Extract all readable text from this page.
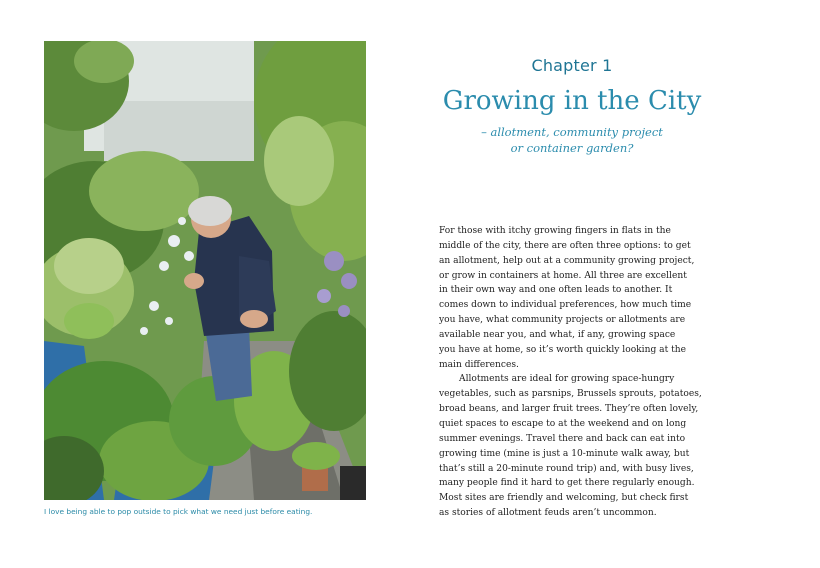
I love being able to pop outside to pick what we need just before eating.
Chapter 1
Growing in the City
– allotment, community project
or container garden?
For those with itchy growing fingers in flats in the
middle of the city, there are often three options: to get
an allotment, help out at a community growing project,
or grow in containers at home. All three are excellent
in their own way and one often leads to another. It
comes down to individual preferences, how much time
you have, what community projects or allotments are
available near you, and what, if any, growing space
you have at home, so it’s worth quickly looking at the
main differences.
Allotments are ideal for growing space-hungry
vegetables, such as parsnips, Brussels sprouts, potatoes,
broad beans, and larger fruit trees. They’re often lovely,
quiet spaces to escape to at the weekend and on long
summer evenings. Travel there and back can eat into
growing time (mine is just a 10-minute walk away, but
that’s still a 20-minute round trip) and, with busy lives,
many people find it hard to get there regularly enough.
Most sites are friendly and welcoming, but check first
as stories of allotment feuds aren’t uncommon.
